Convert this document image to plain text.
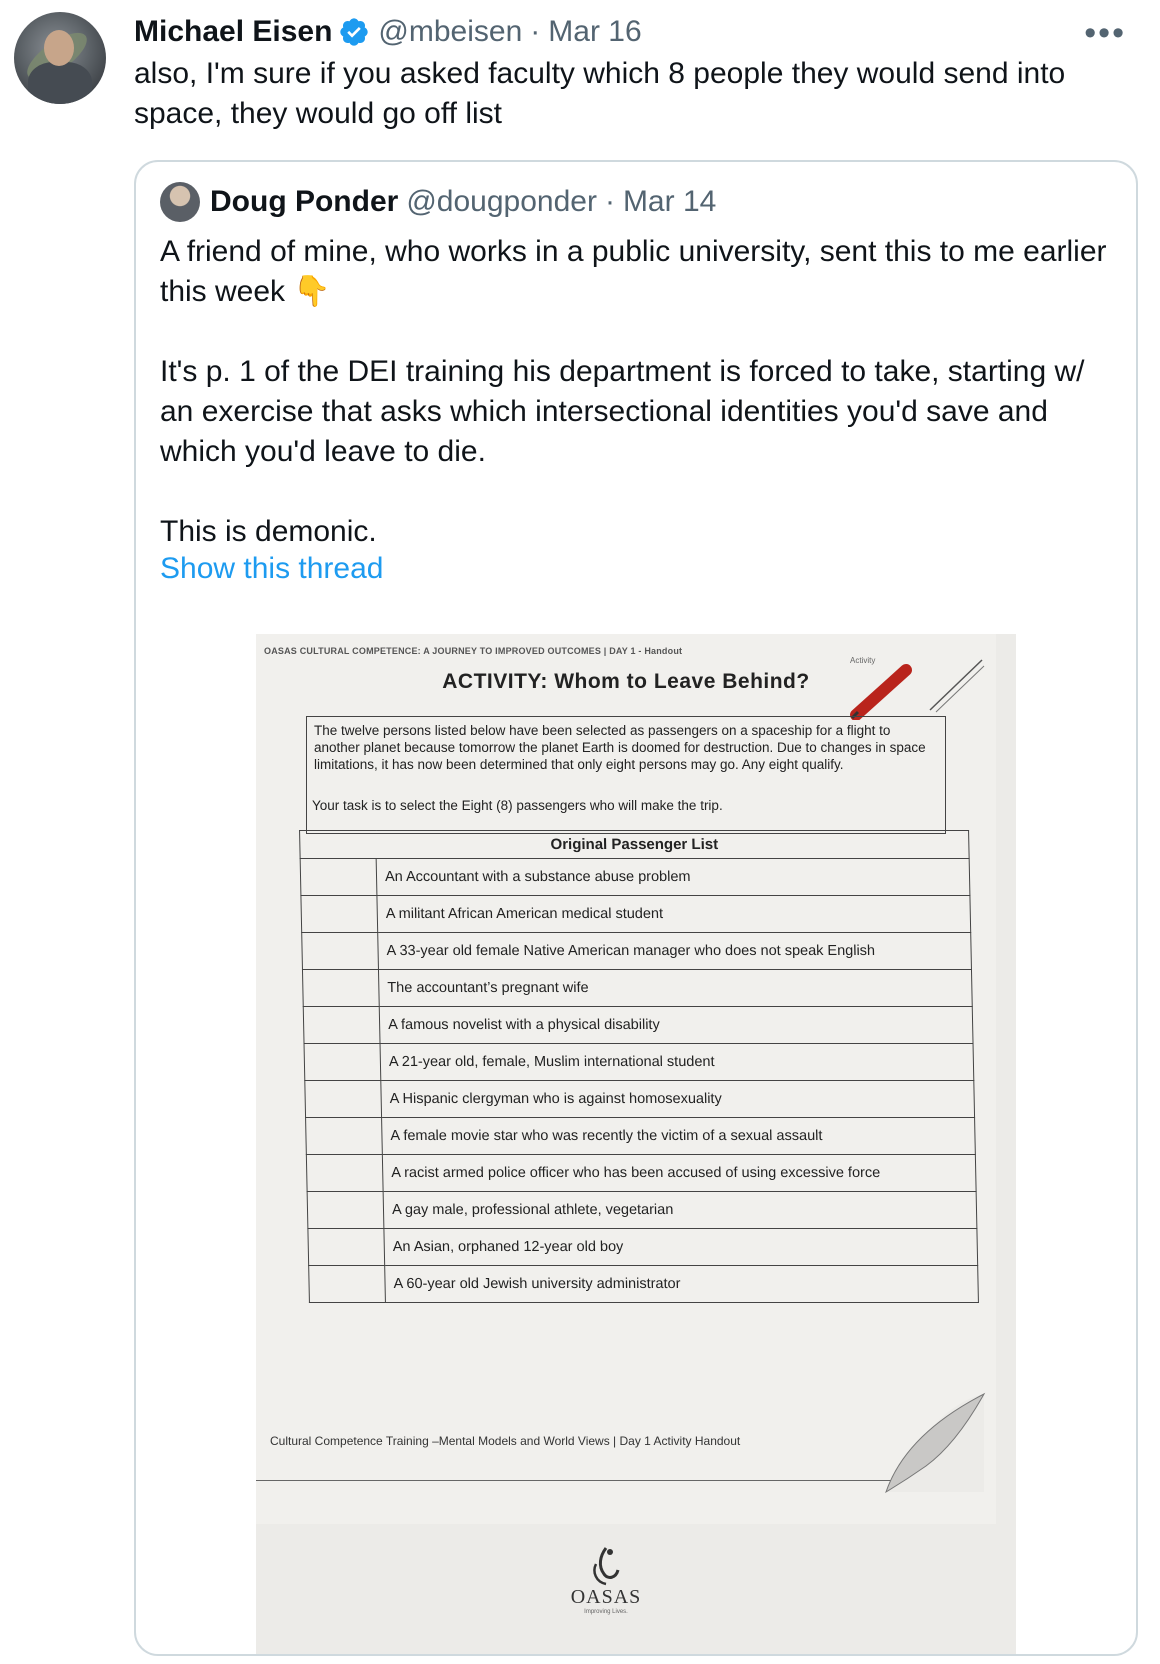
Michael Eisen @mbeisen · Mar 16	•••
also, I'm sure if you asked faculty which 8 people they would send into space, they would go off list
Doug Ponder @dougponder · Mar 14

A friend of mine, who works in a public university, sent this to me earlier this week 👇

It's p. 1 of the DEI training his department is forced to take, starting w/ an exercise that asks which intersectional identities you'd save and which you'd leave to die.

This is demonic.

Show this thread
OASAS CULTURAL COMPETENCE: A JOURNEY TO IMPROVED OUTCOMES | DAY 1 - Handout
Activity
ACTIVITY: Whom to Leave Behind?
The twelve persons listed below have been selected as passengers on a spaceship for a flight to another planet because tomorrow the planet Earth is doomed for destruction. Due to changes in space limitations, it has now been determined that only eight persons may go. Any eight qualify.
Your task is to select the Eight (8) passengers who will make the trip.
Original Passenger List	
	An Accountant with a substance abuse problem
	A militant African American medical student
	A 33-year old female Native American manager who does not speak English
	The accountant’s pregnant wife
	A famous novelist with a physical disability
	A 21-year old, female, Muslim international student
	A Hispanic clergyman who is against homosexuality
	A female movie star who was recently the victim of a sexual assault
	A racist armed police officer who has been accused of using excessive force
	A gay male, professional athlete, vegetarian
	An Asian, orphaned 12-year old boy
	A 60-year old Jewish university administrator
Cultural Competence Training –Mental Models and World Views | Day 1 Activity Handout
OASAS
Improving Lives.
